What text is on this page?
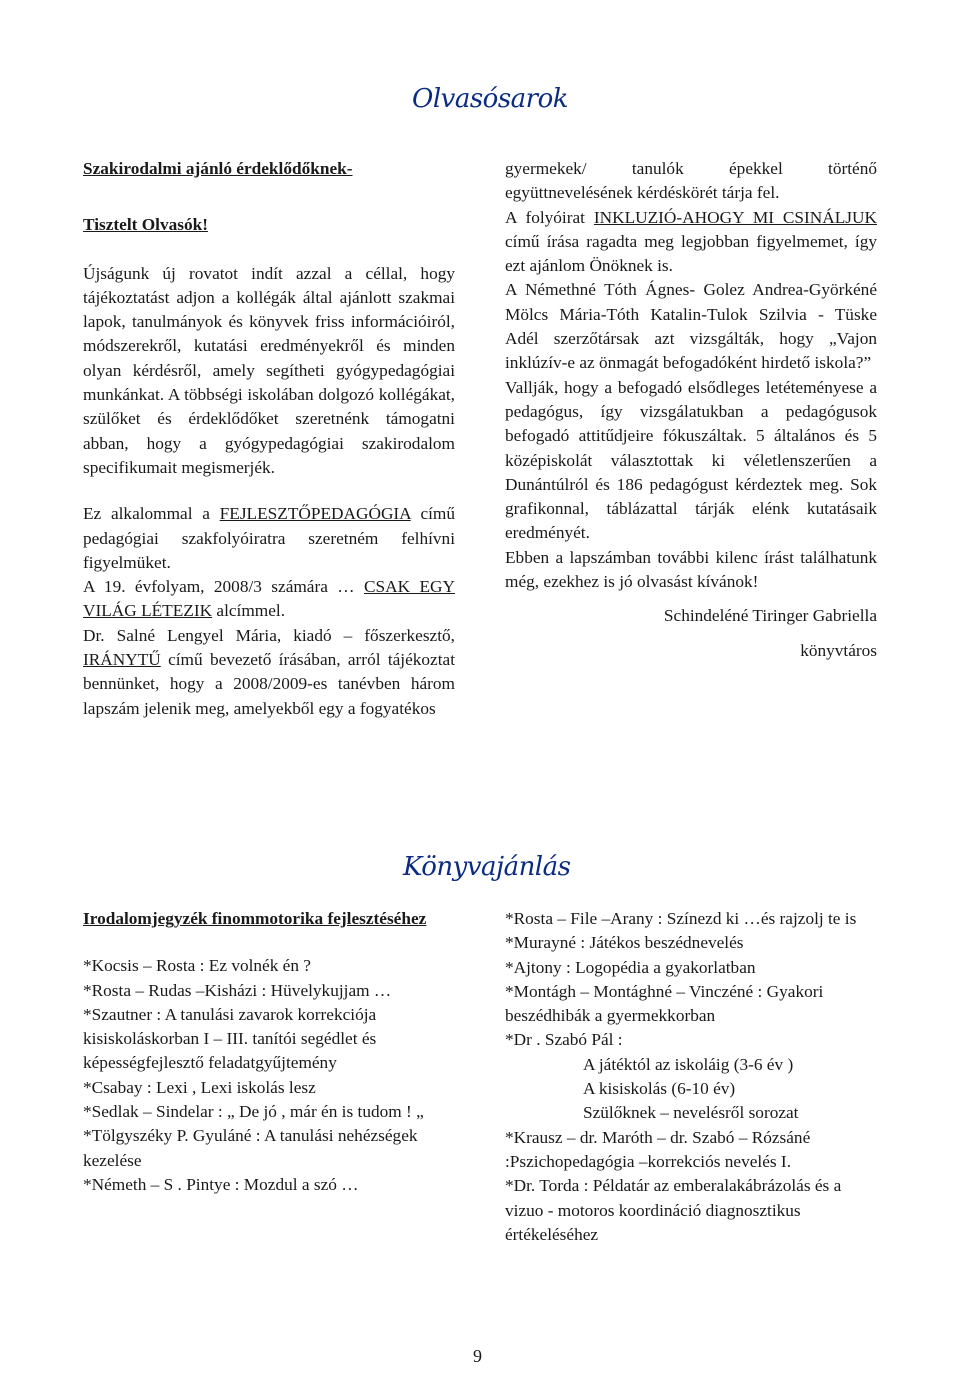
Olvasósarok

Szakirodalmi ajánló érdeklődőknek-

Tisztelt Olvasók!

Újságunk új rovatot indít azzal a céllal, hogy tájékoztatást adjon a kollégák által ajánlott szakmai lapok, tanulmányok és könyvek friss információiról, módszerekről, kutatási eredményekről és minden olyan kérdésről, amely segítheti gyógypedagógiai munkánkat. A többségi iskolában dolgozó kollégákat, szülőket és érdeklődőket szeretnénk támogatni abban, hogy a gyógypedagógiai szakirodalom specifikumait megismerjék.

Ez alkalommal a FEJLESZTŐPEDAGÓGIA című pedagógiai szakfolyóiratra szeretném felhívni figyelmüket.

A 19. évfolyam, 2008/3 számára … CSAK EGY VILÁG LÉTEZIK alcímmel.

Dr. Salné Lengyel Mária, kiadó – főszerkesztő, IRÁNYTŰ című bevezető írásában, arról tájékoztat bennünket, hogy a 2008/2009-es tanévben három lapszám jelenik meg, amelyekből egy a fogyatékos

gyermekek/ tanulók épekkel történő együttnevelésének kérdéskörét tárja fel.

A folyóirat INKLUZIÓ-AHOGY MI CSINÁLJUK című írása ragadta meg legjobban figyelmemet, így ezt ajánlom Önöknek is.

A Némethné Tóth Ágnes- Golez Andrea-Györkéné Mölcs Mária-Tóth Katalin-Tulok Szilvia - Tüske Adél szerzőtársak azt vizsgálták, hogy „Vajon inklúzív-e az önmagát befogadóként hirdető iskola?”

Vallják, hogy a befogadó elsődleges letéteményese a pedagógus, így vizsgálatukban a pedagógusok befogadó attitűdjeire fókuszáltak. 5 általános és 5 középiskolát választottak ki véletlenszerűen a Dunántúlról és 186 pedagógust kérdeztek meg. Sok grafikonnal, táblázattal tárják elénk kutatásaik eredményét.

Ebben a lapszámban további kilenc írást találhatunk még, ezekhez is jó olvasást kívánok!

Schindeléné Tiringer Gabriella

könyvtáros

Könyvajánlás

Irodalomjegyzék finommotorika fejlesztéséhez

*Kocsis – Rosta : Ez volnék én ?

*Rosta – Rudas –Kisházi : Hüvelykujjam …

*Szautner : A tanulási zavarok korrekciója kisiskoláskorban I – III. tanítói segédlet és képességfejlesztő feladatgyűjtemény

*Csabay : Lexi , Lexi iskolás lesz

*Sedlak – Sindelar : „ De jó , már én is tudom ! „

*Tölgyszéky P. Gyuláné : A tanulási nehézségek kezelése

*Németh – S . Pintye : Mozdul a szó …

*Rosta – File –Arany : Színezd ki …és rajzolj te is

*Murayné : Játékos beszédnevelés

*Ajtony : Logopédia a gyakorlatban

*Montágh – Montághné – Vinczéné : Gyakori beszédhibák a gyermekkorban

*Dr . Szabó Pál :

A játéktól az iskoláig (3-6 év )

A kisiskolás (6-10 év)

Szülőknek – nevelésről sorozat

*Krausz – dr. Maróth – dr. Szabó – Rózsáné :Pszichopedagógia –korrekciós nevelés I.

*Dr. Torda : Példatár az emberalakábrázolás és a vizuo - motoros koordináció diagnosztikus értékeléséhez

9
